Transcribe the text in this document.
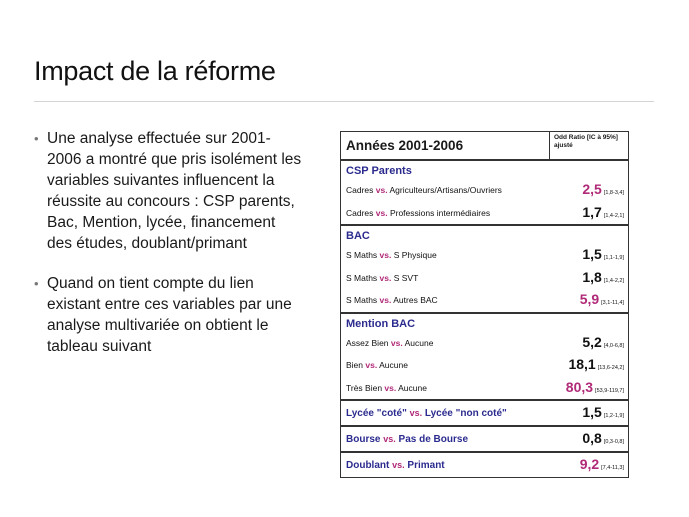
Impact de la réforme
• Une analyse effectuée sur 2001-2006 a montré que pris isolément les variables suivantes influencent la réussite au concours : CSP parents, Bac, Mention, lycée, financement des études, doublant/primant
• Quand on tient compte du lien existant entre ces variables par une analyse multivariée on obtient le tableau suivant
Années 2001-2006
Odd Ratio [IC à 95%] ajusté
CSP Parents
Cadres vs. Agriculteurs/Artisans/Ouvriers	2,5 [1,8-3,4]
Cadres vs. Professions intermédiaires	1,7 [1,4-2,1]
BAC
S Maths vs. S Physique	1,5 [1,1-1,9]
S Maths vs. S SVT	1,8 [1,4-2,2]
S Maths vs. Autres BAC	5,9 [3,1-11,4]
Mention BAC
Assez Bien vs. Aucune	5,2 [4,0-6,8]
Bien vs. Aucune	18,1 [13,6-24,2]
Très Bien vs. Aucune	80,3 [53,9-119,7]
Lycée "coté" vs. Lycée "non coté"	1,5 [1,2-1,9]
Bourse vs. Pas de Bourse	0,8 [0,3-0,8]
Doublant vs. Primant	9,2 [7,4-11,3]
